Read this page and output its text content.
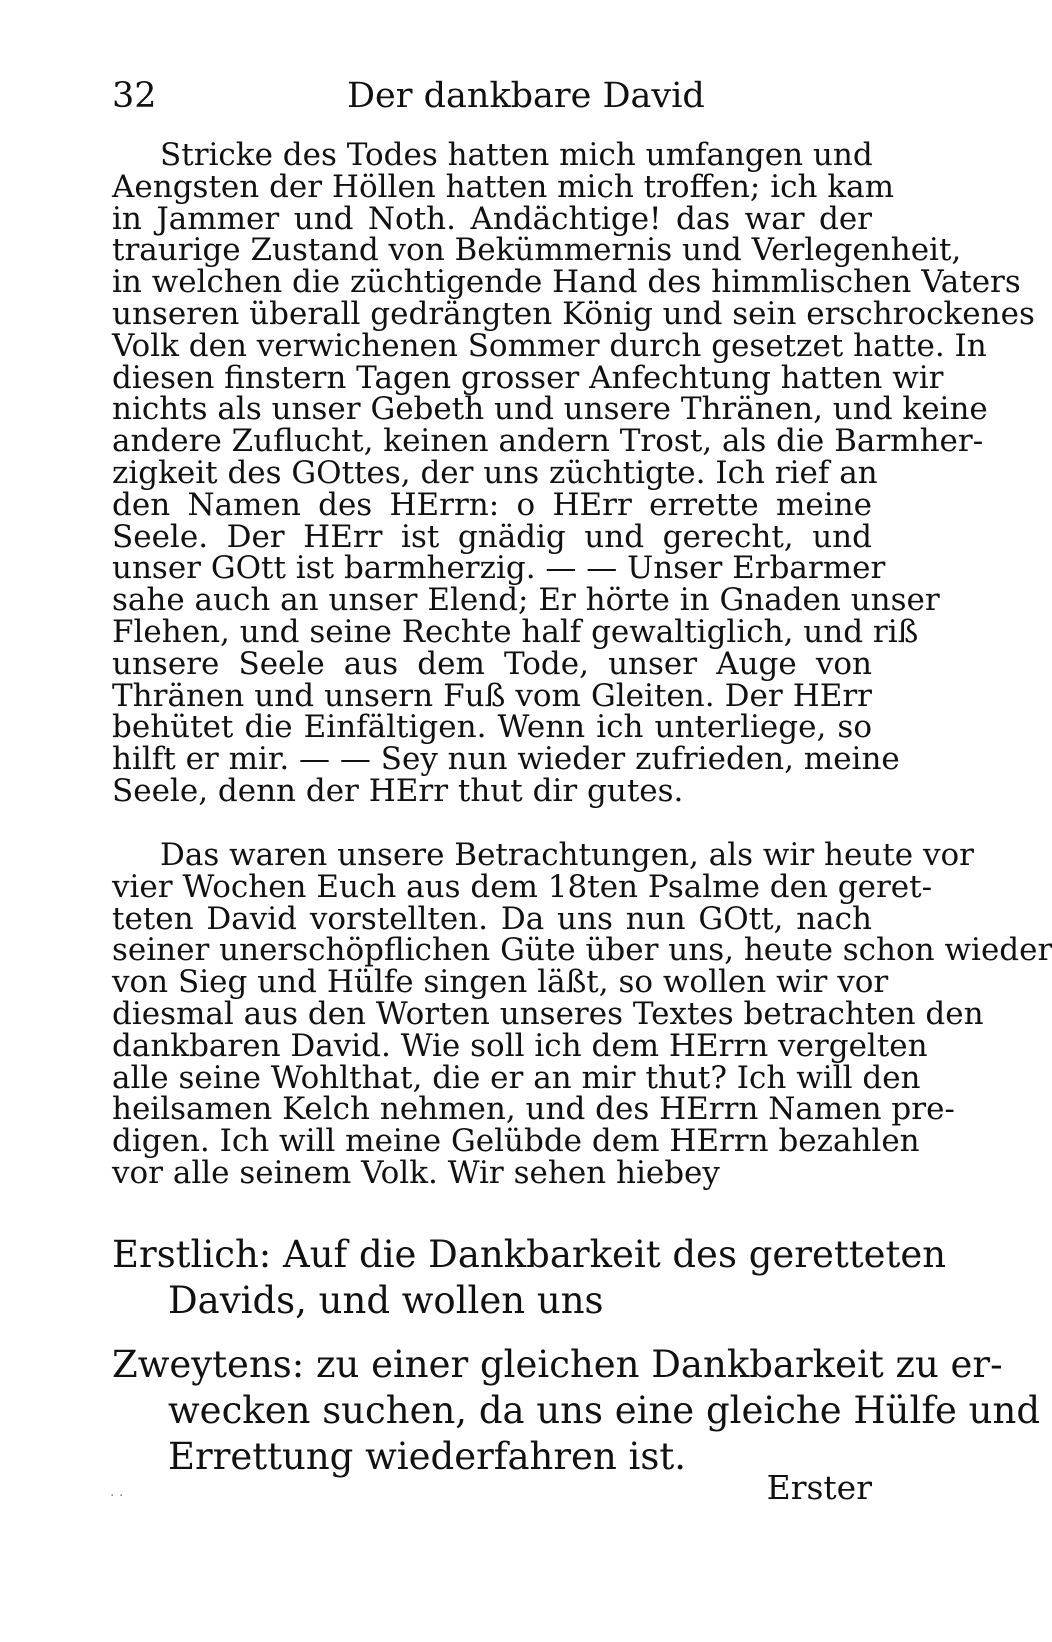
32	Der dankbare David
Stricke des Todes hatten mich umfangen und
Aengsten der Höllen hatten mich troffen; ich kam
in Jammer und Noth. Andächtige! das war der
traurige Zustand von Bekümmernis und Verlegenheit,
in welchen die züchtigende Hand des himmlischen Vaters
unseren überall gedrängten König und sein erschrockenes
Volk den verwichenen Sommer durch gesetzet hatte. In
diesen finstern Tagen grosser Anfechtung hatten wir
nichts als unser Gebeth und unsere Thränen, und keine
andere Zuflucht, keinen andern Trost, als die Barmher-
zigkeit des GOttes, der uns züchtigte. Ich rief an
den Namen des HErrn: o HErr errette meine
Seele. Der HErr ist gnädig und gerecht, und
unser GOtt ist barmherzig. — — Unser Erbarmer
sahe auch an unser Elend; Er hörte in Gnaden unser
Flehen, und seine Rechte half gewaltiglich, und riß
unsere Seele aus dem Tode, unser Auge von
Thränen und unsern Fuß vom Gleiten. Der HErr
behütet die Einfältigen. Wenn ich unterliege, so
hilft er mir. — — Sey nun wieder zufrieden, meine
Seele, denn der HErr thut dir gutes.
Das waren unsere Betrachtungen, als wir heute vor
vier Wochen Euch aus dem 18ten Psalme den geret-
teten David vorstellten. Da uns nun GOtt, nach
seiner unerschöpflichen Güte über uns, heute schon wieder
von Sieg und Hülfe singen läßt, so wollen wir vor
diesmal aus den Worten unseres Textes betrachten den
dankbaren David. Wie soll ich dem HErrn vergelten
alle seine Wohlthat, die er an mir thut? Ich will den
heilsamen Kelch nehmen, und des HErrn Namen pre-
digen. Ich will meine Gelübde dem HErrn bezahlen
vor alle seinem Volk. Wir sehen hiebey
Erstlich: Auf die Dankbarkeit des geretteten
Davids, und wollen uns
Zweytens: zu einer gleichen Dankbarkeit zu er-
wecken suchen, da uns eine gleiche Hülfe und
Errettung wiederfahren ist.
Erster
· ·
